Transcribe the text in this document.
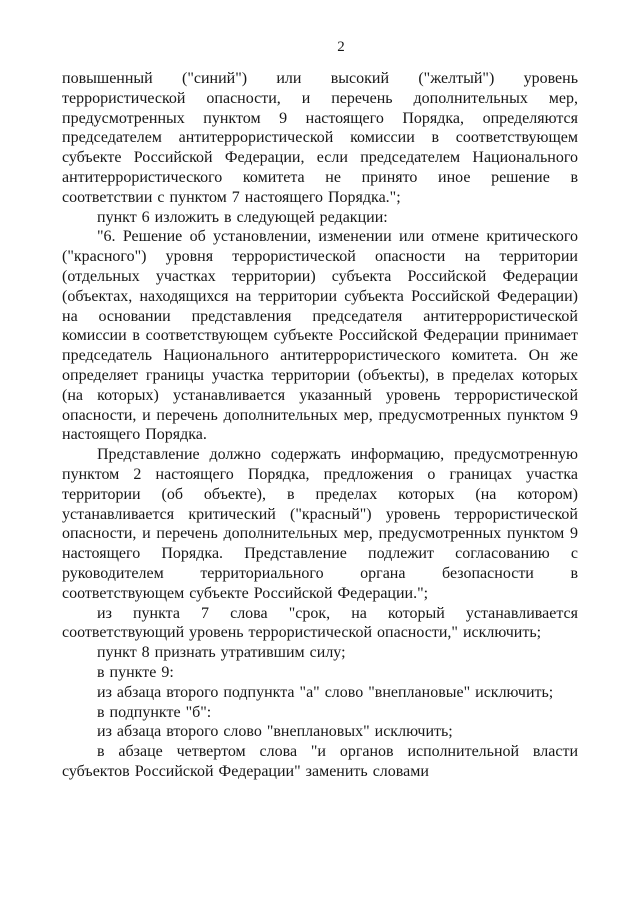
2

повышенный ("синий") или высокий ("желтый") уровень террористической опасности, и перечень дополнительных мер, предусмотренных пунктом 9 настоящего Порядка, определяются председателем антитеррористической комиссии в соответствующем субъекте Российской Федерации, если председателем Национального антитеррористического комитета не принято иное решение в соответствии с пунктом 7 настоящего Порядка.";

пункт 6 изложить в следующей редакции:

"6. Решение об установлении, изменении или отмене критического ("красного") уровня террористической опасности на территории (отдельных участках территории) субъекта Российской Федерации (объектах, находящихся на территории субъекта Российской Федерации) на основании представления председателя антитеррористической комиссии в соответствующем субъекте Российской Федерации принимает председатель Национального антитеррористического комитета. Он же определяет границы участка территории (объекты), в пределах которых (на которых) устанавливается указанный уровень террористической опасности, и перечень дополнительных мер, предусмотренных пунктом 9 настоящего Порядка.

Представление должно содержать информацию, предусмотренную пунктом 2 настоящего Порядка, предложения о границах участка территории (об объекте), в пределах которых (на котором) устанавливается критический ("красный") уровень террористической опасности, и перечень дополнительных мер, предусмотренных пунктом 9 настоящего Порядка. Представление подлежит согласованию с руководителем территориального органа безопасности в соответствующем субъекте Российской Федерации.";

из пункта 7 слова "срок, на который устанавливается соответствующий уровень террористической опасности," исключить;

пункт 8 признать утратившим силу;

в пункте 9:

из абзаца второго подпункта "а" слово "внеплановые" исключить;

в подпункте "б":

из абзаца второго слово "внеплановых" исключить;

в абзаце четвертом слова "и органов исполнительной власти субъектов Российской Федерации" заменить словами
